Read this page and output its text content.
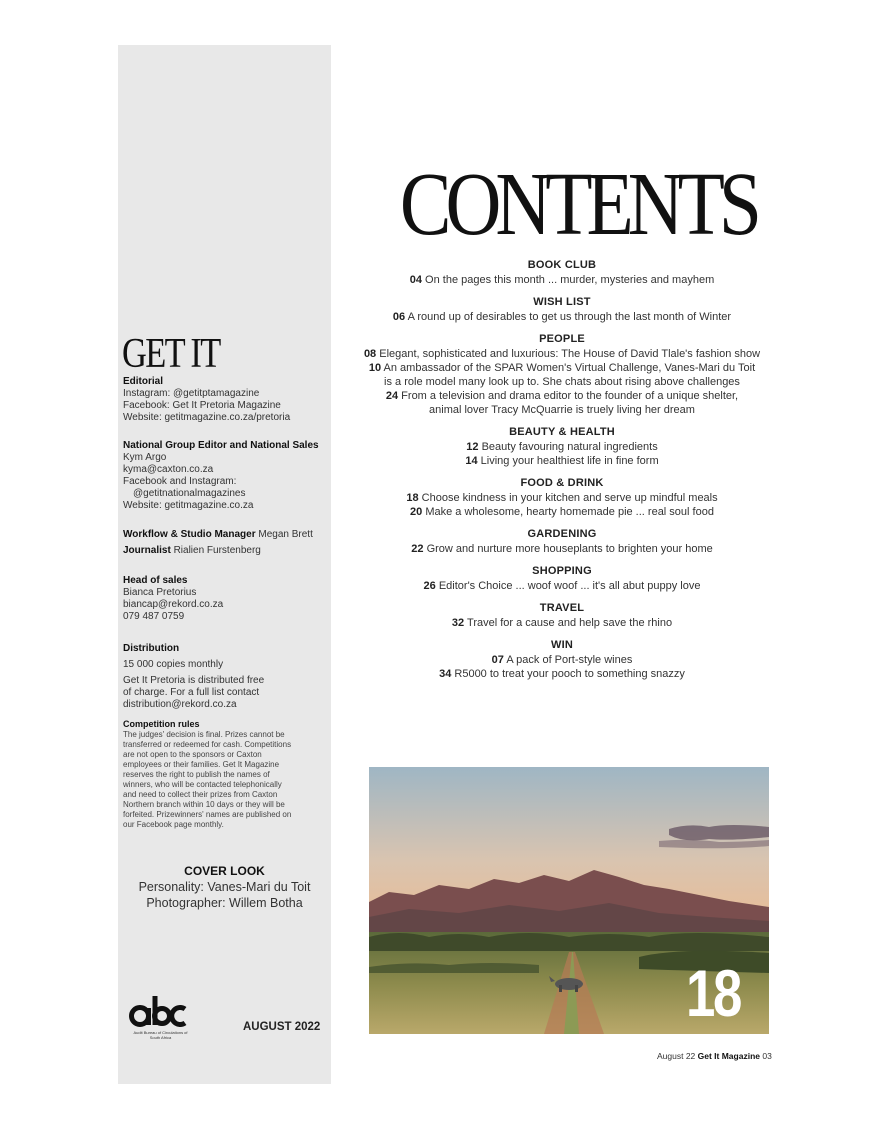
GET IT
Editorial
Instagram: @getitptamagazine
Facebook: Get It Pretoria Magazine
Website: getitmagazine.co.za/pretoria
National Group Editor and National Sales
Kym Argo
kyma@caxton.co.za
Facebook and Instagram:
@getitnationalmagazines
Website: getitmagazine.co.za
Workflow & Studio Manager Megan Brett
Journalist Rialien Furstenberg
Head of sales
Bianca Pretorius
biancap@rekord.co.za
079 487 0759
Distribution
15 000 copies monthly
Get It Pretoria is distributed free
of charge. For a full list contact
distribution@rekord.co.za
Competition rules
The judges' decision is final. Prizes cannot be
transferred or redeemed for cash. Competitions
are not open to the sponsors or Caxton
employees or their families. Get It Magazine
reserves the right to publish the names of
winners, who will be contacted telephonically
and need to collect their prizes from Caxton
Northern branch within 10 days or they will be
forfeited. Prizewinners' names are published on
our Facebook page monthly.
COVER LOOK
Personality: Vanes-Mari du Toit
Photographer: Willem Botha
Audit Bureau of Circulations of South Africa
AUGUST 2022
CONTENTS
BOOK CLUB
04 On the pages this month ... murder, mysteries and mayhem
WISH LIST
06 A round up of desirables to get us through the last month of Winter
PEOPLE
08 Elegant, sophisticated and luxurious: The House of David Tlale's fashion show
10 An ambassador of the SPAR Women's Virtual Challenge, Vanes-Mari du Toit
is a role model many look up to. She chats about rising above challenges
24 From a television and drama editor to the founder of a unique shelter,
animal lover Tracy McQuarrie is truely living her dream
BEAUTY & HEALTH
12 Beauty favouring natural ingredients
14 Living your healthiest life in fine form
FOOD & DRINK
18 Choose kindness in your kitchen and serve up mindful meals
20 Make a wholesome, hearty homemade pie ... real soul food
GARDENING
22 Grow and nurture more houseplants to brighten your home
SHOPPING
26 Editor's Choice ... woof woof ... it's all abut puppy love
TRAVEL
32 Travel for a cause and help save the rhino
WIN
07 A pack of Port-style wines
34 R5000 to treat your pooch to something snazzy
18
August 22 Get It Magazine 03
